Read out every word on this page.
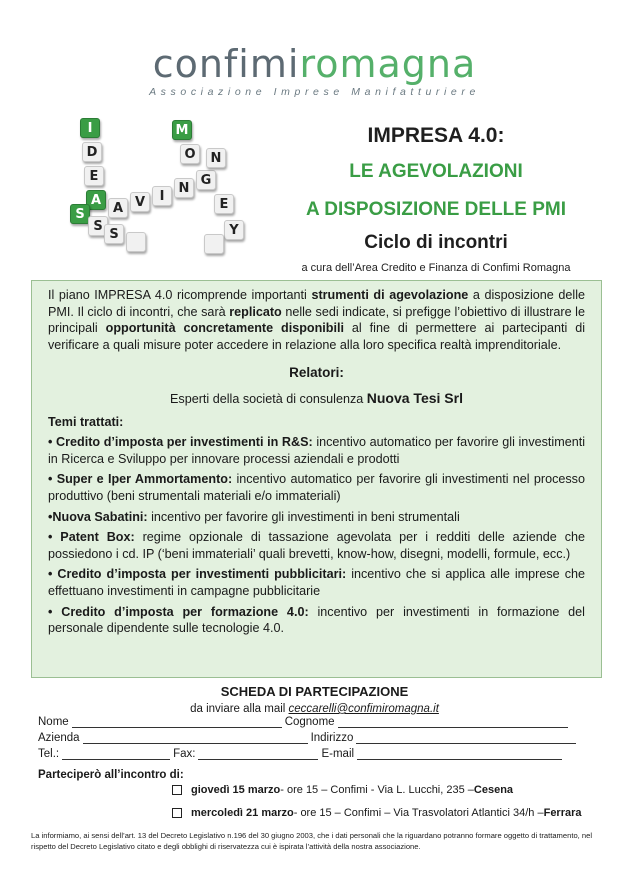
confimiromagna
Associazione Imprese Manifatturiere
I
D
E
A
S
S
A V	I
N
G
M
O	N
E
Y
S
IMPRESA 4.0:
LE AGEVOLAZIONI
A DISPOSIZIONE DELLE PMI
Ciclo di incontri
a cura dell’Area Credito e Finanza di Confimi Romagna
Il piano IMPRESA 4.0 ricomprende importanti strumenti di agevolazione a disposizione delle PMI. Il ciclo di incontri, che sarà replicato nelle sedi indicate, si prefigge l’obiettivo di illustrare le principali opportunità concretamente disponibili al fine di permettere ai partecipanti di verificare a quali misure poter accedere in relazione alla loro specifica realtà imprenditoriale.
Relatori:
Esperti della società di consulenza Nuova Tesi Srl
Temi trattati:
• Credito d’imposta per investimenti in R&S: incentivo automatico per favorire gli investimenti in Ricerca e Sviluppo per innovare processi aziendali e prodotti
• Super e Iper Ammortamento: incentivo automatico per favorire gli investimenti nel processo produttivo (beni strumentali materiali e/o immateriali)
•Nuova Sabatini: incentivo per favorire gli investimenti in beni strumentali
• Patent Box: regime opzionale di tassazione agevolata per i redditi delle aziende che possiedono i cd. IP (‘beni immateriali’ quali brevetti, know-how, disegni, modelli, formule, ecc.)
• Credito d’imposta per investimenti pubblicitari: incentivo che si applica alle imprese che effettuano investimenti in campagne pubblicitarie
• Credito d’imposta per formazione 4.0: incentivo per investimenti in formazione del personale dipendente sulle tecnologie 4.0.
SCHEDA DI PARTECIPAZIONE
da inviare alla mail ceccarelli@confimiromagna.it
Nome	Cognome
Azienda	Indirizzo
Tel.:	Fax:	E-mail
Parteciperò all’incontro di:
giovedì 15 marzo - ore 15 – Confimi - Via L. Lucchi, 235 – Cesena
mercoledì 21 marzo - ore 15 – Confimi – Via Trasvolatori Atlantici 34/h – Ferrara
La informiamo, ai sensi dell’art. 13 del Decreto Legislativo n.196 del 30 giugno 2003, che i dati personali che la riguardano potranno formare oggetto di trattamento, nel rispetto del Decreto Legislativo citato e degli obblighi di riservatezza cui è ispirata l’attività della nostra associazione.
